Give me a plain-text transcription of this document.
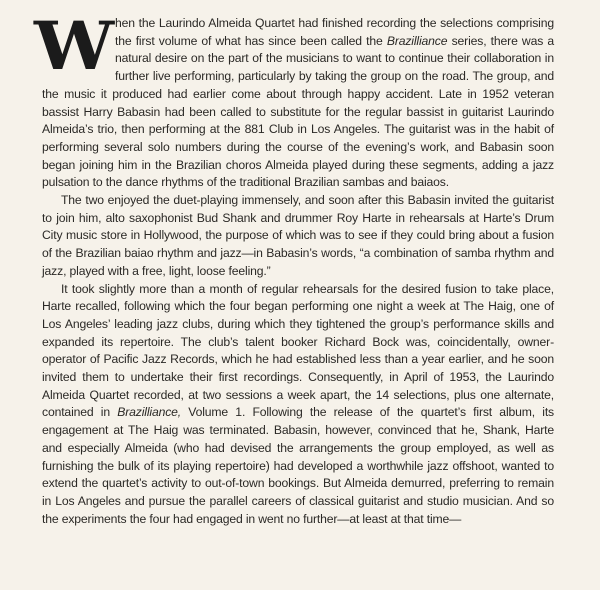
When the Laurindo Almeida Quartet had finished recording the selections comprising the first volume of what has since been called the Brazilliance series, there was a natural desire on the part of the musicians to want to continue their collaboration in further live performing, particularly by taking the group on the road. The group, and the music it produced had earlier come about through happy accident. Late in 1952 veteran bassist Harry Babasin had been called to substitute for the regular bassist in guitarist Laurindo Almeida’s trio, then performing at the 881 Club in Los Angeles. The guitarist was in the habit of performing several solo numbers during the course of the evening’s work, and Babasin soon began joining him in the Brazilian choros Almeida played during these segments, adding a jazz pulsation to the dance rhythms of the traditional Brazilian sambas and baiaos.

The two enjoyed the duet-playing immensely, and soon after this Babasin invited the guitarist to join him, alto saxophonist Bud Shank and drummer Roy Harte in rehearsals at Harte’s Drum City music store in Hollywood, the purpose of which was to see if they could bring about a fusion of the Brazilian baiao rhythm and jazz—in Babasin’s words, “a combination of samba rhythm and jazz, played with a free, light, loose feeling.”

It took slightly more than a month of regular rehearsals for the desired fusion to take place, Harte recalled, following which the four began performing one night a week at The Haig, one of Los Angeles’ leading jazz clubs, during which they tightened the group’s performance skills and expanded its repertoire. The club’s talent booker Richard Bock was, coincidentally, owner-operator of Pacific Jazz Records, which he had established less than a year earlier, and he soon invited them to undertake their first recordings. Consequently, in April of 1953, the Laurindo Almeida Quartet recorded, at two sessions a week apart, the 14 selections, plus one alternate, contained in Brazilliance, Volume 1. Following the release of the quartet’s first album, its engagement at The Haig was terminated. Babasin, however, convinced that he, Shank, Harte and especially Almeida (who had devised the arrangements the group employed, as well as furnishing the bulk of its playing repertoire) had developed a worthwhile jazz offshoot, wanted to extend the quartet’s activity to out-of-town bookings. But Almeida demurred, preferring to remain in Los Angeles and pursue the parallel careers of classical guitarist and studio musician. And so the experiments the four had engaged in went no further—at least at that time—
